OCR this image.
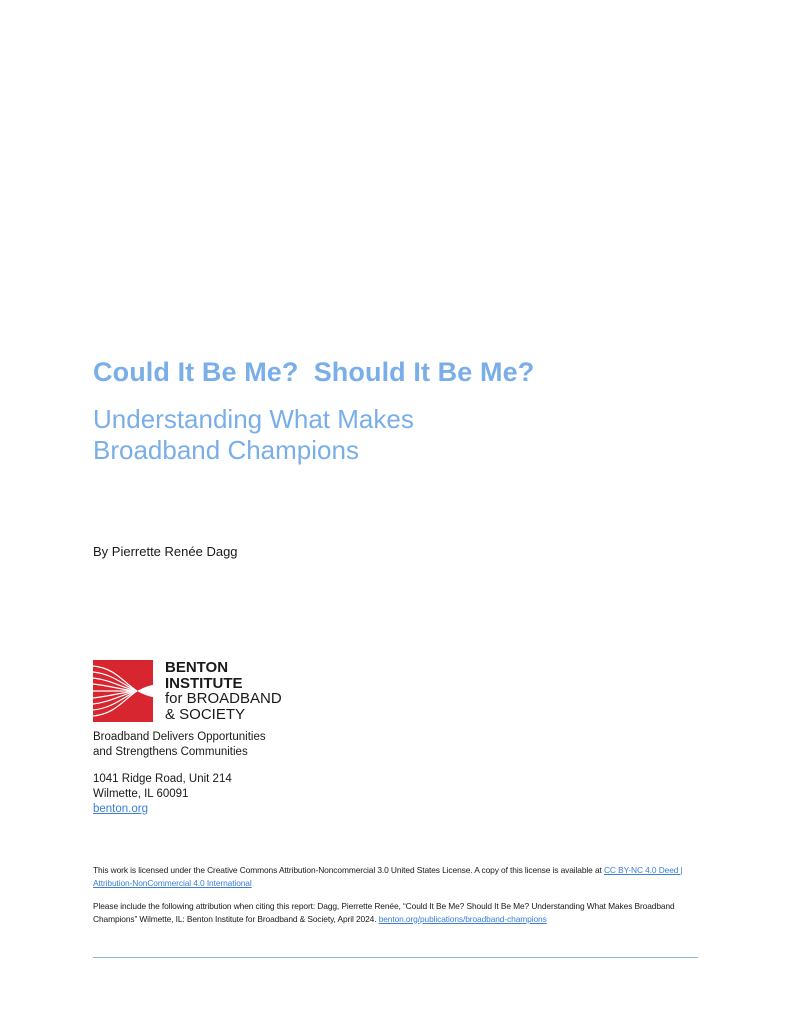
Could It Be Me?  Should It Be Me?
Understanding What Makes
Broadband Champions
By Pierrette Renée Dagg
BENTON
INSTITUTE
for BROADBAND
& SOCIETY
Broadband Delivers Opportunities
and Strengthens Communities
1041 Ridge Road, Unit 214
Wilmette, IL 60091
benton.org
This work is licensed under the Creative Commons Attribution-Noncommercial 3.0 United States License. A copy of this license is available at CC BY-NC 4.0 Deed | Attribution-NonCommercial 4.0 International
Please include the following attribution when citing this report: Dagg, Pierrette Renée, “Could It Be Me? Should It Be Me? Understanding What Makes Broadband Champions” Wilmette, IL: Benton Institute for Broadband & Society, April 2024. benton.org/publications/broadband-champions
